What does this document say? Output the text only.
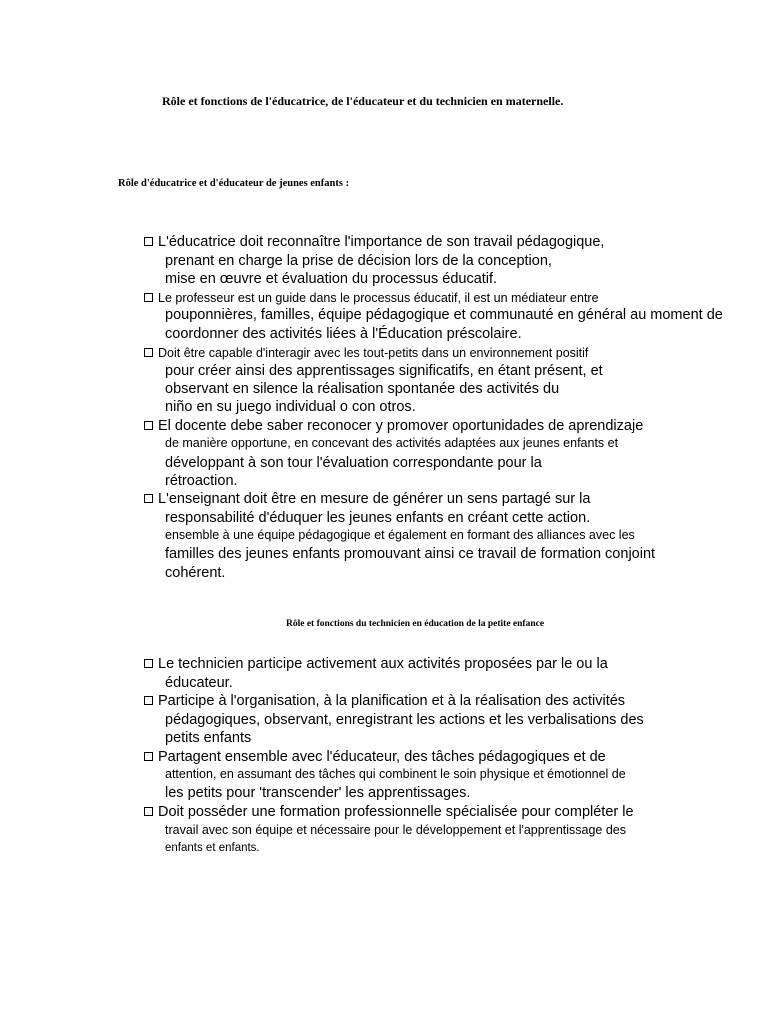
Rôle et fonctions de l'éducatrice, de l'éducateur et du technicien en maternelle.
Rôle d'éducatrice et d'éducateur de jeunes enfants :
L'éducatrice doit reconnaître l'importance de son travail pédagogique,
prenant en charge la prise de décision lors de la conception,
mise en œuvre et évaluation du processus éducatif.
Le professeur est un guide dans le processus éducatif, il est un médiateur entre
pouponnières, familles, équipe pédagogique et communauté en général au moment de
coordonner des activités liées à l'Éducation préscolaire.
Doit être capable d'interagir avec les tout-petits dans un environnement positif
pour créer ainsi des apprentissages significatifs, en étant présent, et
observant en silence la réalisation spontanée des activités du
niño en su juego individual o con otros.
El docente debe saber reconocer y promover oportunidades de aprendizaje
de manière opportune, en concevant des activités adaptées aux jeunes enfants et
développant à son tour l'évaluation correspondante pour la
rétroaction.
L'enseignant doit être en mesure de générer un sens partagé sur la
responsabilité d'éduquer les jeunes enfants en créant cette action.
ensemble à une équipe pédagogique et également en formant des alliances avec les
familles des jeunes enfants promouvant ainsi ce travail de formation conjoint
cohérent.
Rôle et fonctions du technicien en éducation de la petite enfance
Le technicien participe activement aux activités proposées par le ou la
éducateur.
Participe à l'organisation, à la planification et à la réalisation des activités
pédagogiques, observant, enregistrant les actions et les verbalisations des
petits enfants
Partagent ensemble avec l'éducateur, des tâches pédagogiques et de
attention, en assumant des tâches qui combinent le soin physique et émotionnel de
les petits pour 'transcender' les apprentissages.
Doit posséder une formation professionnelle spécialisée pour compléter le
travail avec son équipe et nécessaire pour le développement et l'apprentissage des
enfants et enfants.
